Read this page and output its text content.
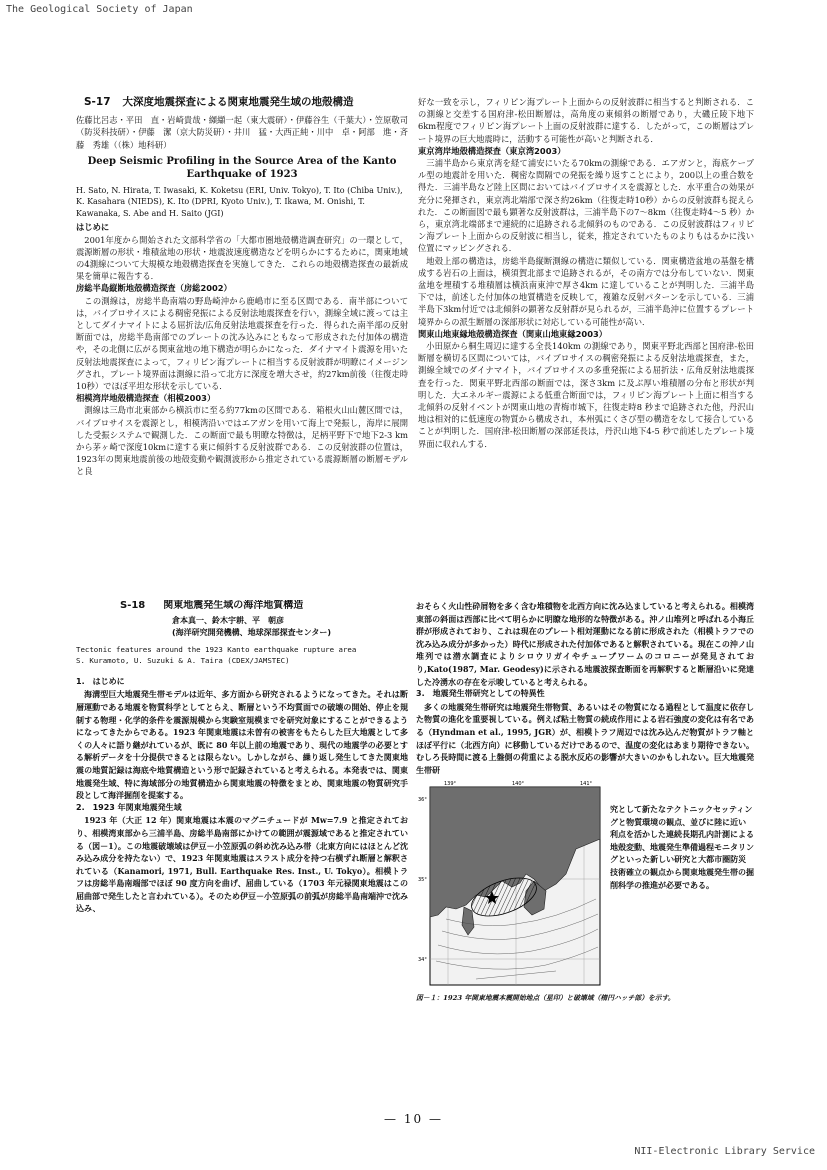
The Geological Society of Japan
S-17 大深度地震探査による関東地震発生域の地殻構造
佐藤比呂志・平田　直・岩崎貴哉・纐纈一起（東大震研）・伊藤谷生（千葉大）・笠原敬司（防災科技研）・伊藤　潔（京大防災研）・井川　猛・大西正純・川中　卓・阿部　進・斉藤　秀雄（（株）地科研）
Deep Seismic Profiling in the Source Area of the Kanto Earthquake of 1923
H. Sato, N. Hirata, T. Iwasaki, K. Koketsu (ERI, Univ. Tokyo), T. Ito (Chiba Univ.), K. Kasahara (NIEDS), K. Ito (DPRI, Kyoto Univ.), T. Ikawa, M. Onishi, T. Kawanaka, S. Abe and H. Saito (JGI)
はじめに
2001年度から開始された文部科学省の「大都市圏地殻構造調査研究」の一環として，震源断層の形状・堆積盆地の形状・地震波速度構造などを明らかにするために，関東地域の4測線について大規模な地殻構造探査を実施してきた．これらの地殻構造探査の最新成果を簡単に報告する．
房総半島縦断地殻構造探査（房総2002）
この測線は，房総半島南端の野島崎沖から鹿嶋市に至る区間である．南半部については，バイブロサイスによる稠密発振による反射法地震探査を行い，測線全域に渡っては主としてダイナマイトによる屈折法/広角反射法地震探査を行った．得られた南半部の反射断面では，房総半島南部でのプレートの沈み込みにともなって形成された付加体の構造や，その北側に広がる関東盆地の地下構造が明らかになった．ダイナマイト震源を用いた反射法地震探査によって，フィリピン海プレートに相当する反射波群が明瞭にイメージングされ，プレート境界面は測線に沿って北方に深度を増大させ，約27km前後（往復走時10秒）でほぼ平坦な形状を示している．
相模湾岸地殻構造探査（相模2003）
測線は三島市北東部から横浜市に至る約77kmの区間である．箱根火山山麓区間では，バイブロサイスを震源とし，相模湾沿いではエアガンを用いて海上で発振し，海岸に展開した受振システムで観測した．この断面で最も明瞭な特徴は，足柄平野下で地下2-3 kmから茅ヶ崎で深度10kmに達する東に傾斜する反射波群である．この反射波群の位置は，1923年の関東地震前後の地殻変動や観測波形から推定されている震源断層の断層モデルと良
好な一致を示し，フィリピン海プレート上面からの反射波群に相当すると判断される．この測線と交差する国府津-松田断層は，高角度の東傾斜の断層であり，大磯丘陵下地下6km程度でフィリピン海プレート上面の反射波群に達する．したがって，この断層はプレート境界の巨大地震時に，活動する可能性が高いと判断される．
東京湾岸地殻構造探査（東京湾2003）
三浦半島から東京湾を経て浦安にいたる70kmの測線である．エアガンと，海底ケーブル型の地震計を用いた．稠密な間隔での発振を繰り返すことにより，200以上の重合数を得た．三浦半島など陸上区間においてはバイブロサイスを震源とした．水平重合の効果が充分に発揮され，東京湾北端部で深さ約26km（往復走時10秒）からの反射波群も捉えられた．この断面図で最も顕著な反射波群は，三浦半島下の7～8km（往復走時4～5 秒）から，東京湾北端部まで連続的に追跡される北傾斜のものである．この反射波群はフィリピン海プレート上面からの反射波に相当し，従来，推定されていたものよりもはるかに浅い位置にマッピングされる．
地殻上部の構造は，房総半島縦断測線の構造に類似している．関東構造盆地の基盤を構成する岩石の上面は，横須賀北部まで追跡されるが，その南方では分布していない．関東盆地を埋積する堆積層は横浜南東沖で厚さ4km に達していることが判明した．三浦半島下では，前述した付加体の地質構造を反映して，複雑な反射パターンを示している．三浦半島下3km付近では北傾斜の顕著な反射群が見られるが，三浦半島沖に位置するプレート境界からの派生断層の深部形状に対応している可能性が高い．
関東山地東縁地殻構造探査（関東山地東縁2003）
小田原から桐生周辺に達する全長140km の測線であり，関東平野北西部と国府津-松田断層を横切る区間については，バイブロサイスの稠密発振による反射法地震探査，また，測線全域でのダイナマイト，バイブロサイスの多重発振による屈折法・広角反射法地震探査を行った．関東平野北西部の断面では，深さ3km に及ぶ厚い堆積層の分布と形状が判明した．大エネルギー震源による低重合断面では，フィリピン海プレート上面に相当する北傾斜の反射イベントが関東山地の青梅市城下，往復走時8 秒まで追跡された他，丹沢山地は相対的に低速度の物質から構成され，本州弧にくさび型の構造をなして接合していることが判明した．国府津-松田断層の深部延長は，丹沢山地下4-5 秒で前述したプレート境界面に収れんする．
S-18 関東地震発生域の海洋地質構造
倉本真一、鈴木宇耕、平　朝彦
(海洋研究開発機構、地球深部探査センター)
Tectonic features around the 1923 Kanto earthquake rupture area
S. Kuramoto, U. Suzuki & A. Taira (CDEX/JAMSTEC)
1.　はじめに
海溝型巨大地震発生帯モデルは近年、多方面から研究されるようになってきた。それは断層運動である地震を物質科学としてとらえ、断層という不均質面での破壊の開始、停止を規制する物理・化学的条件を震源規模から実験室規模までを研究対象にすることができるようになってきたからである。1923 年関東地震は未曽有の被害をもたらした巨大地震として多くの人々に語り継がれているが、既に 80 年以上前の地震であり、現代の地震学の必要とする解析データを十分提供できるとは限らない。しかしながら、繰り返し発生してきた関東地震の地質記録は海底や地質構造という形で記録されていると考えられる。本発表では、関東地震発生域、特に海域部分の地質構造から関東地震の特徴をまとめ、関東地震の物質研究手段として海洋掘削を提案する。
2.　1923 年関東地震発生域
1923 年（大正 12 年）関東地震は本震のマグニチュードが Mw=7.9 と推定されており、相模湾東部から三浦半島、房総半島南部にかけての範囲が震源域であると推定されている（図－1）。この地震破壊域は伊豆－小笠原弧の斜め沈み込み帯（北東方向にはほとんど沈み込み成分を持たない）で、1923 年関東地震はスラスト成分を持つ右横ずれ断層と解釈されている（Kanamori, 1971, Bull. Earthquake Res. Inst., U. Tokyo）。相模トラフは房総半島南端部でほぼ 90 度方向を曲げ、屈曲している（1703 年元禄関東地震はこの屈曲部で発生したと言われている）。そのため伊豆－小笠原弧の前弧が房総半島南端沖で沈み込み、
おそらく火山性砕屑物を多く含む堆積物を北西方向に沈み込ましていると考えられる。相模湾東部の斜面は西部に比べて明らかに明瞭な地形的な特徴がある。沖ノ山堆列と呼ばれる小海丘群が形成されており、これは現在のプレート相対運動になる前に形成された（相模トラフでの沈み込み成分が多かった）時代に形成された付加体であると解釈されている。現在この沖ノ山堆列では潜水調査によりシロウリガイやチューブワームのコロニーが発見されており,Kato(1987, Mar. Geodesy)に示される地震波探査断面を再解釈すると断層沿いに発達した冷湧水の存在を示唆していると考えられる。
3.　地震発生帯研究としての特異性
多くの地震発生帯研究は地震発生帯物質、あるいはその物質になる過程として温度に依存した物質の進化を重要視している。例えば粘土物質の続成作用による岩石強度の変化は有名である（Hyndman et al., 1995, JGR）が、相模トラフ周辺では沈み込んだ物質がトラフ軸とほぼ平行に（北西方向）に移動しているだけであるので、温度の変化はあまり期待できない。むしろ長時間に渡る上盤側の荷重による脱水反応の影響が大きいのかもしれない。巨大地震発生帯研
139°	140°	141°
36°
35°
34°
究として新たなテクトニックセッティングと物質環境の観点、並びに陸に近い利点を活かした連続長期孔内計測による地殻変動、地震発生準備過程モニタリングといった新しい研究と大都市圏防災技術確立の観点から関東地震発生帯の掘削科学の推進が必要である。
図－１：1923 年関東地震本震開始地点（星印）と破壊域（楕円ハッチ部）を示す。
— 10 —
NII-Electronic Library Service
